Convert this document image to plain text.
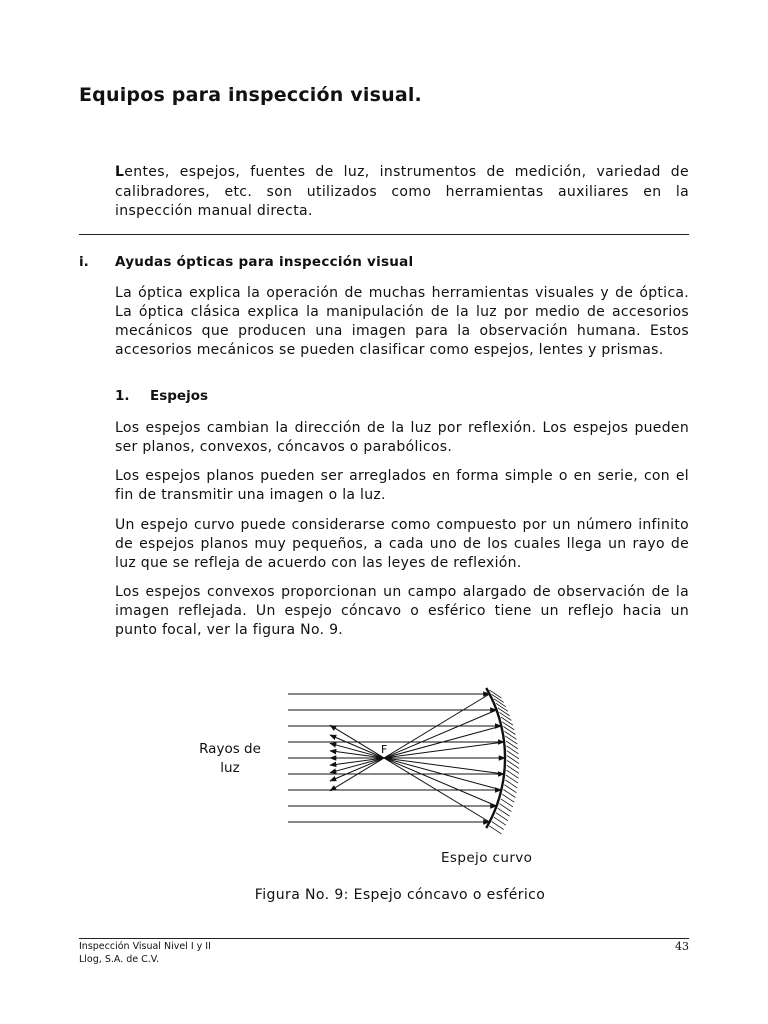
Equipos para inspección visual.

Lentes, espejos, fuentes de luz, instrumentos de medición, variedad de calibradores, etc. son utilizados como herramientas auxiliares en la inspección manual directa.

i. Ayudas ópticas para inspección visual

La óptica explica la operación de muchas herramientas visuales y de óptica. La óptica clásica explica la manipulación de la luz por medio de accesorios mecánicos que producen una imagen para la observación humana. Estos accesorios mecánicos se pueden clasificar como espejos, lentes y prismas.

1. Espejos

Los espejos cambian la dirección de la luz por reflexión. Los espejos pueden ser planos, convexos, cóncavos o parabólicos.

Los espejos planos pueden ser arreglados en forma simple o en serie, con el fin de transmitir una imagen o la luz.

Un espejo curvo puede considerarse como compuesto por un número infinito de espejos planos muy pequeños, a cada uno de los cuales llega un rayo de luz que se refleja de acuerdo con las leyes de reflexión.

Los espejos convexos proporcionan un campo alargado de observación de la imagen reflejada. Un espejo cóncavo o esférico tiene un reflejo hacia un punto focal, ver la figura No. 9.

F
Rayos de
luz
Espejo curvo
Figura No. 9: Espejo cóncavo o esférico
Inspección Visual Nivel I y II
Llog, S.A. de C.V.
43
